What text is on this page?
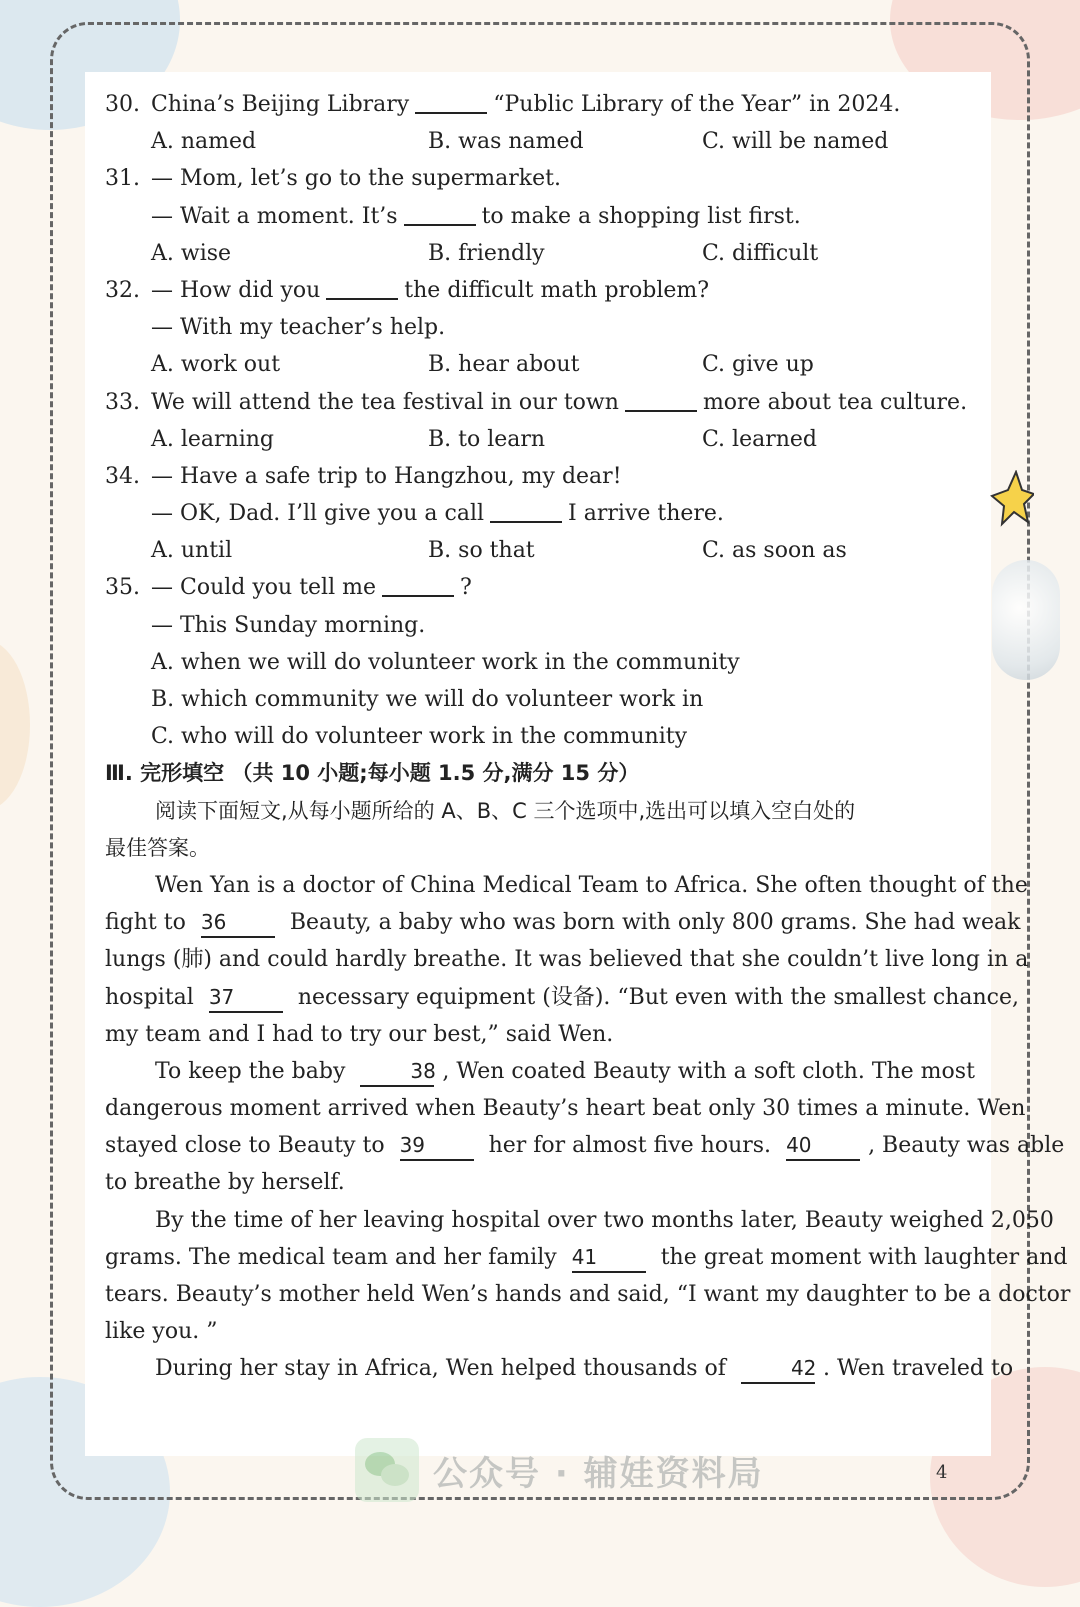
30. China’s Beijing Library	“Public Library of the Year” in 2024.
A. named	B. was named	C. will be named
31. — Mom, let’s go to the supermarket.
— Wait a moment. It’s	to make a shopping list first.
A. wise	B. friendly	C. difficult
32. — How did you	the difficult math problem?
— With my teacher’s help.
A. work out	B. hear about	C. give up
33. We will attend the tea festival in our town	more about tea culture.
A. learning	B. to learn	C. learned
34. — Have a safe trip to Hangzhou, my dear!
— OK, Dad. I’ll give you a call	I arrive there.
A. until	B. so that	C. as soon as
35. — Could you tell me	?
— This Sunday morning.
A. when we will do volunteer work in the community
B. which community we will do volunteer work in
C. who will do volunteer work in the community
Ⅲ. 完形填空 （共 10 小题;每小题 1.5 分,满分 15 分）
阅读下面短文,从每小题所给的 A、B、C 三个选项中,选出可以填入空白处的
最佳答案。
Wen Yan is a doctor of China Medical Team to Africa. She often thought of the
fight to 36	Beauty, a baby who was born with only 800 grams. She had weak
lungs (肺) and could hardly breathe. It was believed that she couldn’t live long in a
hospital 37	necessary equipment (设备). “But even with the smallest chance,
my team and I had to try our best,” said Wen.
To keep the baby	38 , Wen coated Beauty with a soft cloth. The most
dangerous moment arrived when Beauty’s heart beat only 30 times a minute. Wen
stayed close to Beauty to 39	her for almost five hours. 40	, Beauty was able
to breathe by herself.
By the time of her leaving hospital over two months later, Beauty weighed 2,050
grams. The medical team and her family 41	the great moment with laughter and
tears. Beauty’s mother held Wen’s hands and said, “I want my daughter to be a doctor
like you. ”
During her stay in Africa, Wen helped thousands of	42 . Wen traveled to
公众号 · 辅娃资料局	4
